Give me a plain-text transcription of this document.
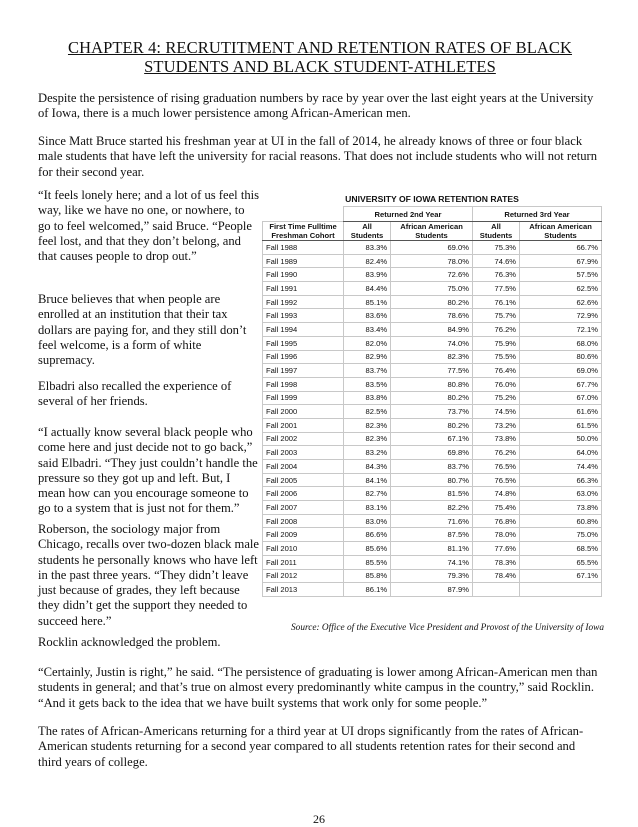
CHAPTER 4: RECRUTITMENT AND RETENTION RATES OF BLACK
STUDENTS AND BLACK STUDENT-ATHLETES

Despite the persistence of rising graduation numbers by race by year over the last eight years at the University of Iowa, there is a much lower persistence among African-American men.

Since Matt Bruce started his freshman year at UI in the fall of 2014, he already knows of three or four black male students that have left the university for racial reasons. That does not include students who will not return for their second year.

“It feels lonely here; and a lot of us feel this way, like we have no one, or nowhere, to go to feel welcomed,” said Bruce. “People feel lost, and that they don’t belong, and that causes people to drop out.”

Bruce believes that when people are enrolled at an institution that their tax dollars are paying for, and they still don’t feel welcome, is a form of white supremacy.

Elbadri also recalled the experience of several of her friends.

“I actually know several black people who come here and just decide not to go back,” said Elbadri. “They just couldn’t handle the pressure so they got up and left. But, I mean how can you encourage someone to go to a system that is just not for them.”

Roberson, the sociology major from Chicago, recalls over two-dozen black male students he personally knows who have left in the past three years. “They didn’t leave just because of grades, they left because they didn’t get the support they needed to succeed here.”

UNIVERSITY OF IOWA RETENTION RATES
	Returned 2nd Year		Returned 3rd Year	
First Time Fulltime Freshman Cohort	All Students	African American Students	All Students	African American Students
Fall 1988	83.3%	69.0%	75.3%	66.7%
Fall 1989	82.4%	78.0%	74.6%	67.9%
Fall 1990	83.9%	72.6%	76.3%	57.5%
Fall 1991	84.4%	75.0%	77.5%	62.5%
Fall 1992	85.1%	80.2%	76.1%	62.6%
Fall 1993	83.6%	78.6%	75.7%	72.9%
Fall 1994	83.4%	84.9%	76.2%	72.1%
Fall 1995	82.0%	74.0%	75.9%	68.0%
Fall 1996	82.9%	82.3%	75.5%	80.6%
Fall 1997	83.7%	77.5%	76.4%	69.0%
Fall 1998	83.5%	80.8%	76.0%	67.7%
Fall 1999	83.8%	80.2%	75.2%	67.0%
Fall 2000	82.5%	73.7%	74.5%	61.6%
Fall 2001	82.3%	80.2%	73.2%	61.5%
Fall 2002	82.3%	67.1%	73.8%	50.0%
Fall 2003	83.2%	69.8%	76.2%	64.0%
Fall 2004	84.3%	83.7%	76.5%	74.4%
Fall 2005	84.1%	80.7%	76.5%	66.3%
Fall 2006	82.7%	81.5%	74.8%	63.0%
Fall 2007	83.1%	82.2%	75.4%	73.8%
Fall 2008	83.0%	71.6%	76.8%	60.8%
Fall 2009	86.6%	87.5%	78.0%	75.0%
Fall 2010	85.6%	81.1%	77.6%	68.5%
Fall 2011	85.5%	74.1%	78.3%	65.5%
Fall 2012	85.8%	79.3%	78.4%	67.1%
Fall 2013	86.1%	87.9%		
Source: Office of the Executive Vice President and Provost of the University of Iowa

Rocklin acknowledged the problem.

“Certainly, Justin is right,” he said. “The persistence of graduating is lower among African-American men than students in general; and that’s true on almost every predominantly white campus in the country,” said Rocklin. “And it gets back to the idea that we have built systems that work only for some people.”

The rates of African-Americans returning for a third year at UI drops significantly from the rates of African-American students returning for a second year compared to all students retention rates for their second and third years of college.

26
